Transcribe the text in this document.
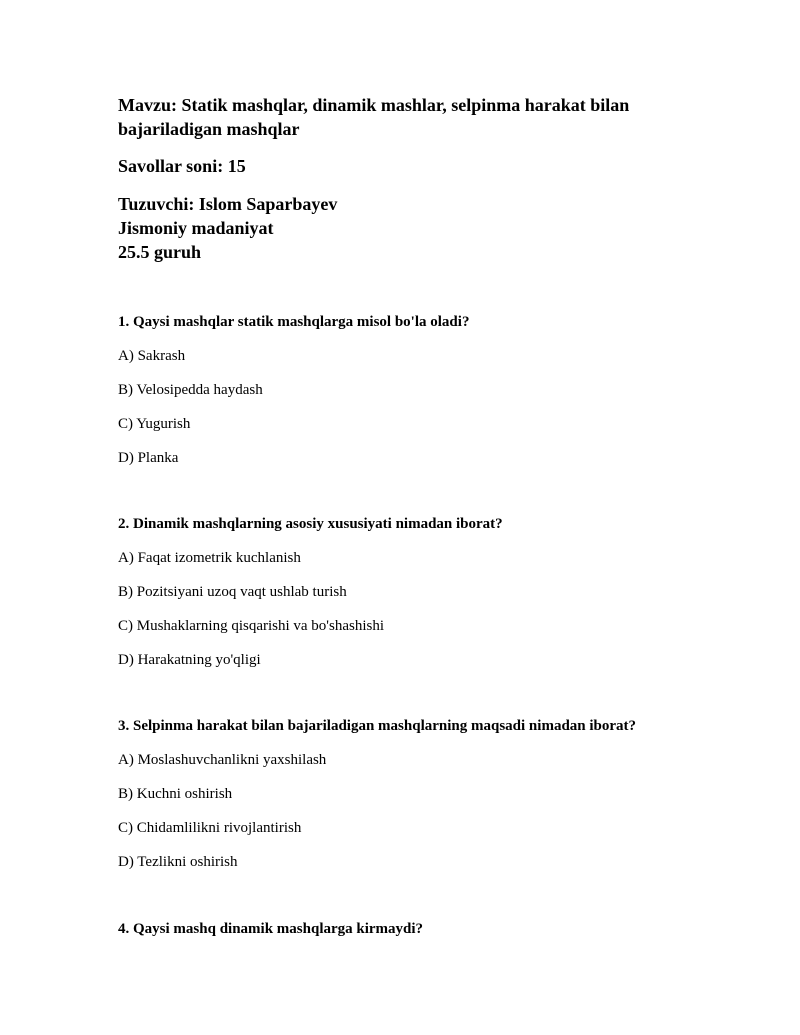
Mavzu: Statik mashqlar, dinamik mashlar, selpinma harakat bilan
bajariladigan mashqlar
Savollar soni: 15
Tuzuvchi: Islom Saparbayev
Jismoniy madaniyat
25.5 guruh
1. Qaysi mashqlar statik mashqlarga misol bo'la oladi?
A) Sakrash
B) Velosipedda haydash
C) Yugurish
D) Planka
2. Dinamik mashqlarning asosiy xususiyati nimadan iborat?
A) Faqat izometrik kuchlanish
B) Pozitsiyani uzoq vaqt ushlab turish
C) Mushaklarning qisqarishi va bo'shashishi
D) Harakatning yo'qligi
3. Selpinma harakat bilan bajariladigan mashqlarning maqsadi nimadan iborat?
A) Moslashuvchanlikni yaxshilash
B) Kuchni oshirish
C) Chidamlilikni rivojlantirish
D) Tezlikni oshirish
4. Qaysi mashq dinamik mashqlarga kirmaydi?
